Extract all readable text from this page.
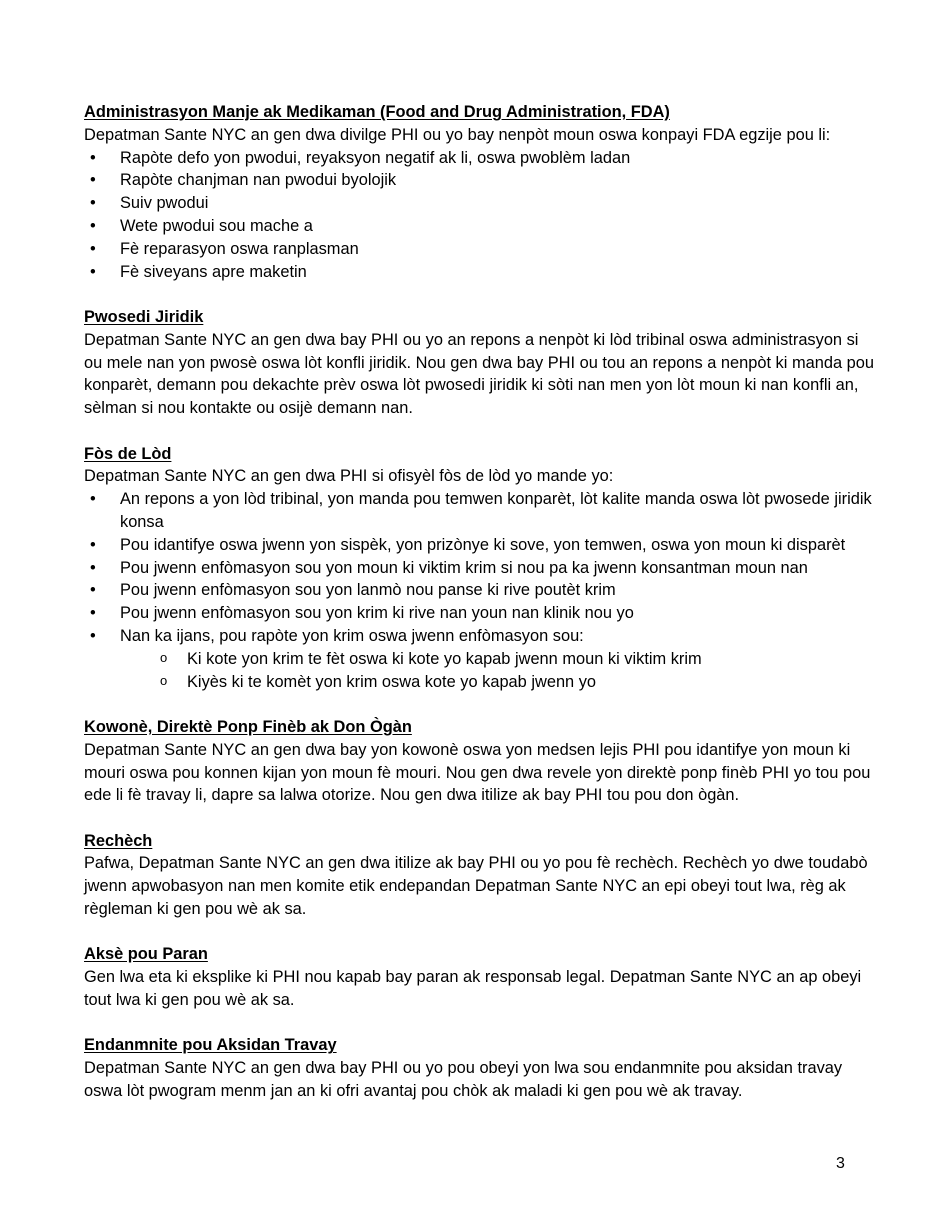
Administrasyon Manje ak Medikaman (Food and Drug Administration, FDA)
Depatman Sante NYC an gen dwa divilge PHI ou yo bay nenpòt moun oswa konpayi FDA egzije pou li:
• Rapòte defo yon pwodui, reyaksyon negatif ak li, oswa pwoblèm ladan
• Rapòte chanjman nan pwodui byolojik
• Suiv pwodui
• Wete pwodui sou mache a
• Fè reparasyon oswa ranplasman
• Fè siveyans apre maketin
Pwosedi Jiridik
Depatman Sante NYC an gen dwa bay PHI ou yo an repons a nenpòt ki lòd tribinal oswa administrasyon si ou mele nan yon pwosè oswa lòt konfli jiridik. Nou gen dwa bay PHI ou tou an repons a nenpòt ki manda pou konparèt, demann pou dekachte prèv oswa lòt pwosedi jiridik ki sòti nan men yon lòt moun ki nan konfli an, sèlman si nou kontakte ou osijè demann nan.
Fòs de Lòd
Depatman Sante NYC an gen dwa PHI si ofisyèl fòs de lòd yo mande yo:
• An repons a yon lòd tribinal, yon manda pou temwen konparèt, lòt kalite manda oswa lòt pwosede jiridik konsa
• Pou idantifye oswa jwenn yon sispèk, yon prizònye ki sove, yon temwen, oswa yon moun ki disparèt
• Pou jwenn enfòmasyon sou yon moun ki viktim krim si nou pa ka jwenn konsantman moun nan
• Pou jwenn enfòmasyon sou yon lanmò nou panse ki rive poutèt krim
• Pou jwenn enfòmasyon sou yon krim ki rive nan youn nan klinik nou yo
• Nan ka ijans, pou rapòte yon krim oswa jwenn enfòmasyon sou:
o Ki kote yon krim te fèt oswa ki kote yo kapab jwenn moun ki viktim krim
o Kiyès ki te komèt yon krim oswa kote yo kapab jwenn yo
Kowonè, Direktè Ponp Finèb ak Don Ògàn
Depatman Sante NYC an gen dwa bay yon kowonè oswa yon medsen lejis PHI pou idantifye yon moun ki mouri oswa pou konnen kijan yon moun fè mouri. Nou gen dwa revele yon direktè ponp finèb PHI yo tou pou ede li fè travay li, dapre sa lalwa otorize. Nou gen dwa itilize ak bay PHI tou pou don ògàn.
Rechèch
Pafwa, Depatman Sante NYC an gen dwa itilize ak bay PHI ou yo pou fè rechèch. Rechèch yo dwe toudabò jwenn apwobasyon nan men komite etik endepandan Depatman Sante NYC an epi obeyi tout lwa, règ ak règleman ki gen pou wè ak sa.
Aksè pou Paran
Gen lwa eta ki eksplike ki PHI nou kapab bay paran ak responsab legal. Depatman Sante NYC an ap obeyi tout lwa ki gen pou wè ak sa.
Endanmnite pou Aksidan Travay
Depatman Sante NYC an gen dwa bay PHI ou yo pou obeyi yon lwa sou endanmnite pou aksidan travay oswa lòt pwogram menm jan an ki ofri avantaj pou chòk ak maladi ki gen pou wè ak travay.
3
